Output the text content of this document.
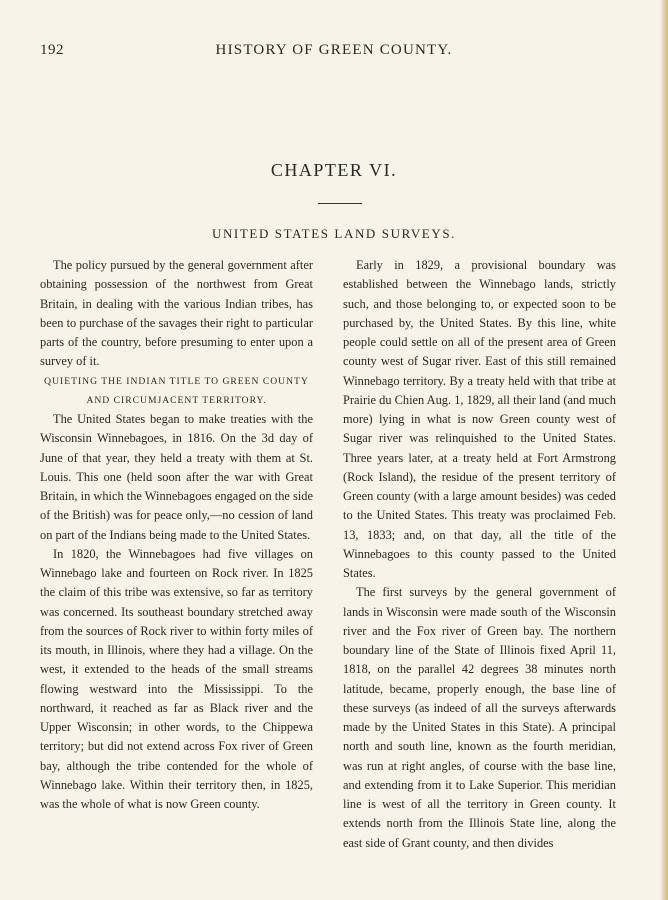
192	HISTORY OF GREEN COUNTY.
CHAPTER VI.
UNITED STATES LAND SURVEYS.

The policy pursued by the general government after obtaining possession of the northwest from Great Britain, in dealing with the various Indian tribes, has been to purchase of the savages their right to particular parts of the country, before presuming to enter upon a survey of it.

QUIETING THE INDIAN TITLE TO GREEN COUNTY
AND CIRCUMJACENT TERRITORY.

The United States began to make treaties with the Wisconsin Winnebagoes, in 1816. On the 3d day of June of that year, they held a treaty with them at St. Louis. This one (held soon after the war with Great Britain, in which the Winnebagoes engaged on the side of the British) was for peace only,—no cession of land on part of the Indians being made to the United States.

In 1820, the Winnebagoes had five villages on Winnebago lake and fourteen on Rock river. In 1825 the claim of this tribe was extensive, so far as territory was concerned. Its southeast boundary stretched away from the sources of Rock river to within forty miles of its mouth, in Illinois, where they had a village. On the west, it extended to the heads of the small streams flowing westward into the Mississippi. To the northward, it reached as far as Black river and the Upper Wisconsin; in other words, to the Chippewa territory; but did not extend across Fox river of Green bay, although the tribe contended for the whole of Winnebago lake. Within their territory then, in 1825, was the whole of what is now Green county.

Early in 1829, a provisional boundary was established between the Winnebago lands, strictly such, and those belonging to, or expected soon to be purchased by, the United States. By this line, white people could settle on all of the present area of Green county west of Sugar river. East of this still remained Winnebago territory. By a treaty held with that tribe at Prairie du Chien Aug. 1, 1829, all their land (and much more) lying in what is now Green county west of Sugar river was relinquished to the United States. Three years later, at a treaty held at Fort Armstrong (Rock Island), the residue of the present territory of Green county (with a large amount besides) was ceded to the United States. This treaty was proclaimed Feb. 13, 1833; and, on that day, all the title of the Winnebagoes to this county passed to the United States.

The first surveys by the general government of lands in Wisconsin were made south of the Wisconsin river and the Fox river of Green bay. The northern boundary line of the State of Illinois fixed April 11, 1818, on the parallel 42 degrees 38 minutes north latitude, became, properly enough, the base line of these surveys (as indeed of all the surveys afterwards made by the United States in this State). A principal north and south line, known as the fourth meridian, was run at right angles, of course with the base line, and extending from it to Lake Superior. This meridian line is west of all the territory in Green county. It extends north from the Illinois State line, along the east side of Grant county, and then divides
